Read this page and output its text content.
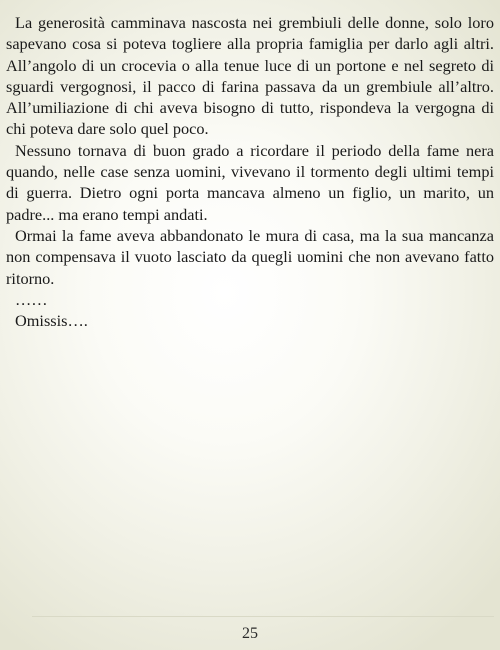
La generosità camminava nascosta nei grembiuli delle donne, solo loro sapevano cosa si poteva togliere alla propria famiglia per darlo agli altri. All’angolo di un crocevia o alla tenue luce di un portone e nel segreto di sguardi vergognosi, il pacco di farina passava da un grembiule all’altro. All’umiliazione di chi aveva bisogno di tutto, rispondeva la vergogna di chi poteva dare solo quel poco.

Nessuno tornava di buon grado a ricordare il periodo della fame nera quando, nelle case senza uomini, vivevano il tormento degli ultimi tempi di guerra. Dietro ogni porta mancava almeno un figlio, un marito, un padre... ma erano tempi andati.

Ormai la fame aveva abbandonato le mura di casa, ma la sua mancanza non compensava il vuoto lasciato da quegli uomini che non avevano fatto ritorno.

……
Omissis….
25
